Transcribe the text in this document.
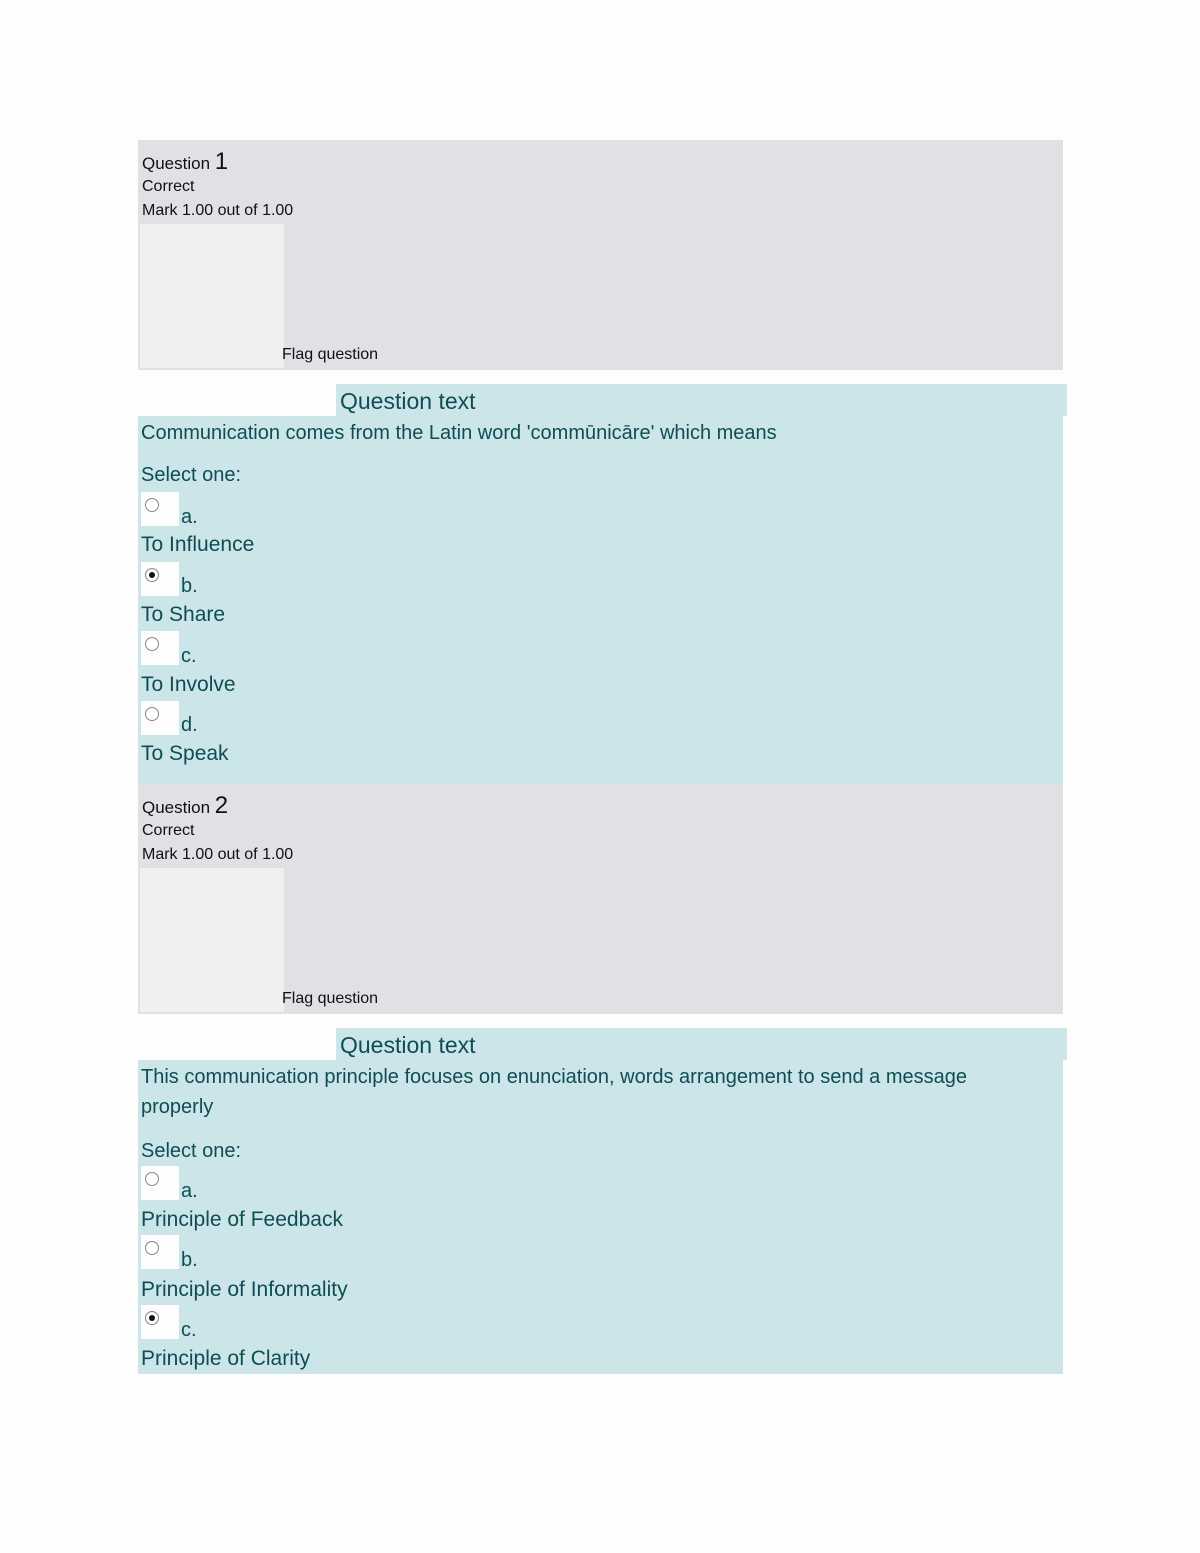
Question 1
Correct
Mark 1.00 out of 1.00
Flag question
Question text
Communication comes from the Latin word 'commūnicāre' which means
Select one:
a.
To Influence
b.
To Share
c.
To Involve
d.
To Speak
Question 2
Correct
Mark 1.00 out of 1.00
Flag question
Question text
This communication principle focuses on enunciation, words arrangement to send a message properly
Select one:
a.
Principle of Feedback
b.
Principle of Informality
c.
Principle of Clarity
